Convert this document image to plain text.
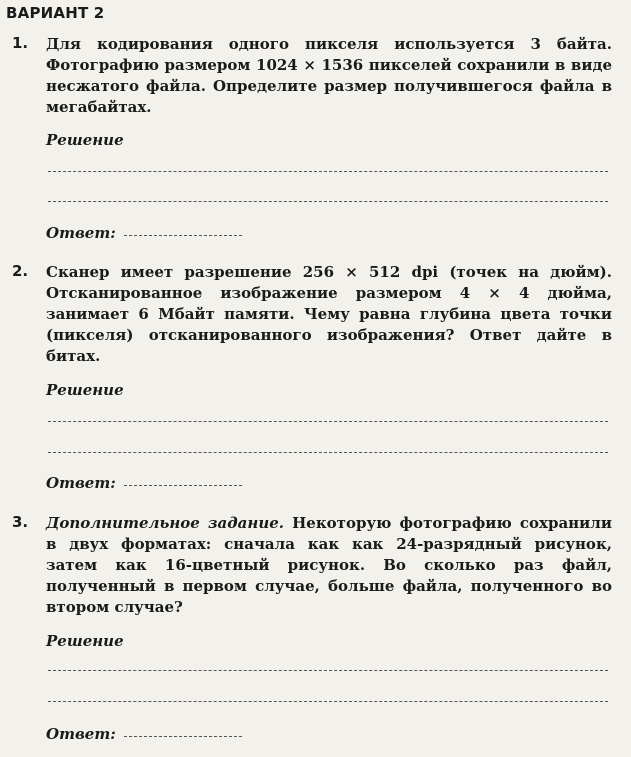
ВАРИАНТ 2
1. Для кодирования одного пикселя используется 3 байта. Фотографию размером 1024 × 1536 пикселей сохранили в виде несжатого файла. Определите размер получившегося файла в мегабайтах.

Решение
Ответ:
2. Сканер имеет разрешение 256 × 512 dpi (точек на дюйм). Отсканированное изображение размером 4 × 4 дюйма, занимает 6 Мбайт памяти. Чему равна глубина цвета точки (пикселя) отсканированного изображения? Ответ дайте в битах.

Решение
Ответ:
3. Дополнительное задание. Некоторую фотографию сохранили в двух форматах: сначала как как 24-разрядный рисунок, затем как 16-цветный рисунок. Во сколько раз файл, полученный в первом случае, больше файла, полученного во втором случае?

Решение
Ответ:
